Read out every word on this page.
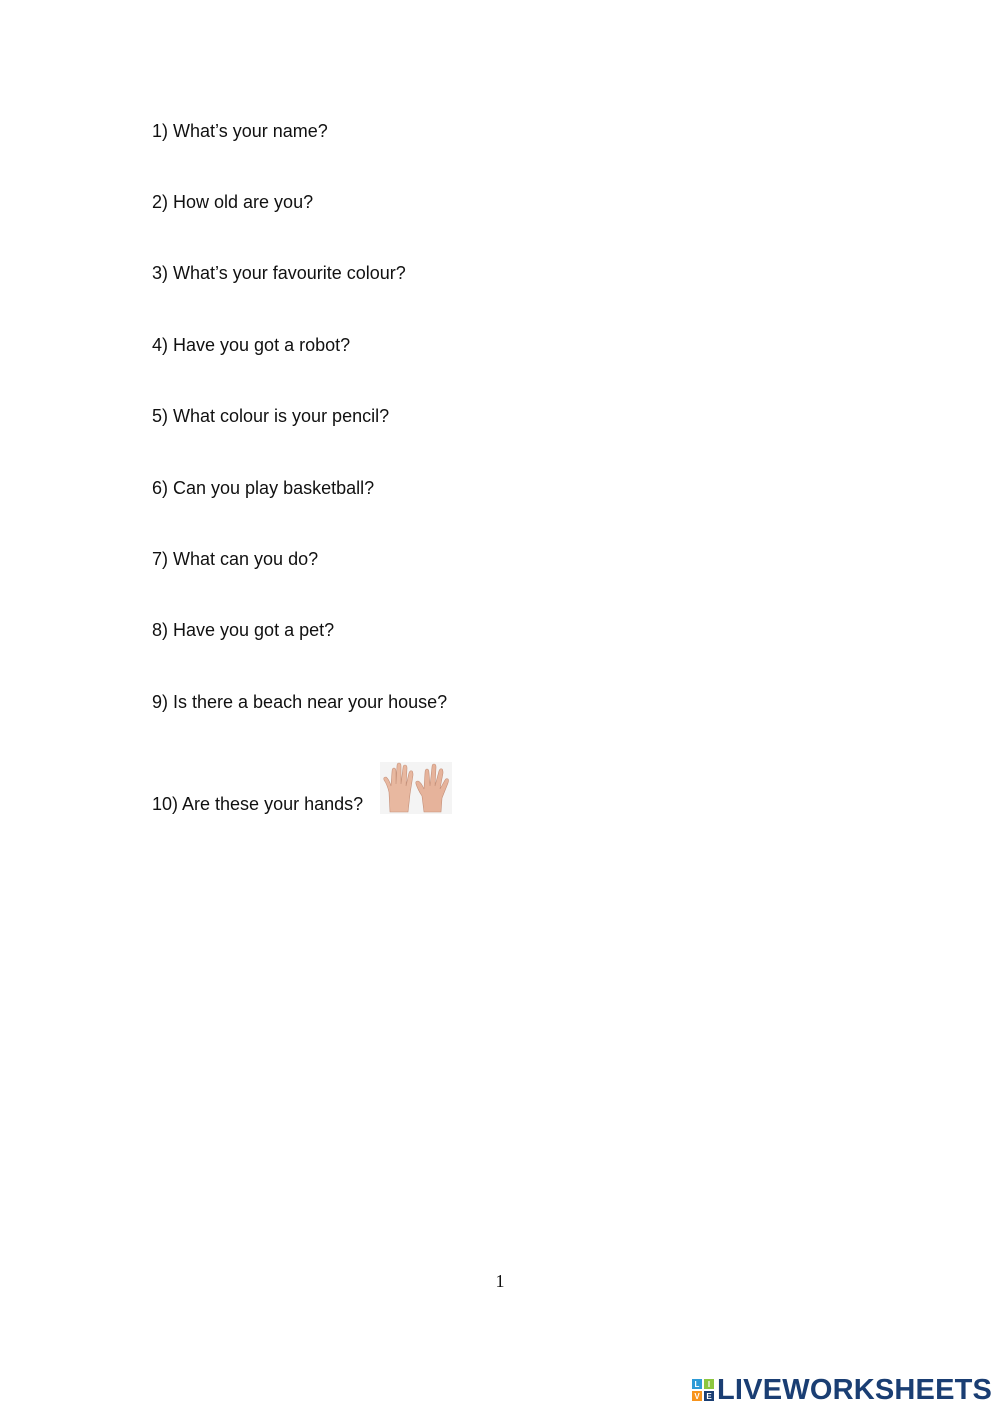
1) What’s your name?
2) How old are you?
3) What’s your favourite colour?
4) Have you got a robot?
5) What colour is your pencil?
6) Can you play basketball?
7) What can you do?
8) Have you got a pet?
9) Is there a beach near your house?
10) Are these your hands?
1
L I
V E LIVEWORKSHEETS
